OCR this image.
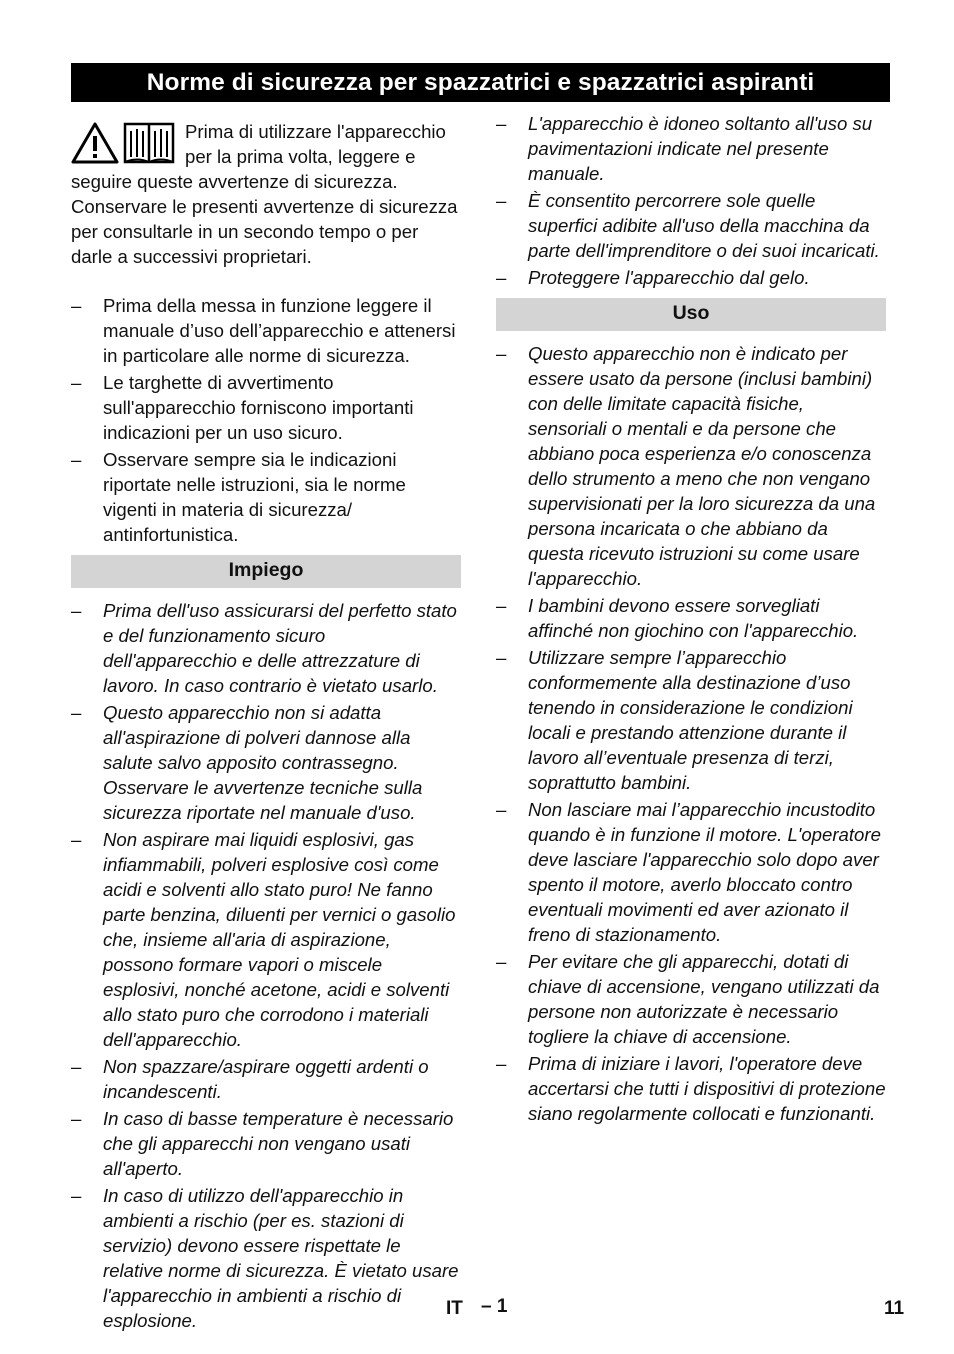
Norme di sicurezza per spazzatrici e spazzatrici aspiranti
Prima di utilizzare l'apparecchio per la prima volta, leggere e seguire queste avvertenze di sicurezza. Conservare le presenti avvertenze di sicurezza per consultarle in un secondo tempo o per darle a successivi proprietari.
– Prima della messa in funzione leggere il manuale d’uso dell’apparecchio e attenersi in particolare alle norme di sicurezza.
– Le targhette di avvertimento sull'apparecchio forniscono importanti indicazioni per un uso sicuro.
– Osservare sempre sia le indicazioni riportate nelle istruzioni, sia le norme vigenti in materia di sicurezza/ antinfortunistica.
Impiego
– Prima dell'uso assicurarsi del perfetto stato e del funzionamento sicuro dell'apparecchio e delle attrezzature di lavoro. In caso contrario è vietato usarlo.
– Questo apparecchio non si adatta all'aspirazione di polveri dannose alla salute salvo apposito contrassegno. Osservare le avvertenze tecniche sulla sicurezza riportate nel manuale d'uso.
– Non aspirare mai liquidi esplosivi, gas infiammabili, polveri esplosive così come acidi e solventi allo stato puro! Ne fanno parte benzina, diluenti per vernici o gasolio che, insieme all'aria di aspirazione, possono formare vapori o miscele esplosivi, nonché acetone, acidi e solventi allo stato puro che corrodono i materiali dell'apparecchio.
– Non spazzare/aspirare oggetti ardenti o incandescenti.
– In caso di basse temperature è necessario che gli apparecchi non vengano usati all'aperto.
– In caso di utilizzo dell'apparecchio in ambienti a rischio (per es. stazioni di servizio) devono essere rispettate le relative norme di sicurezza. È vietato usare l'apparecchio in ambienti a rischio di esplosione.
– L'apparecchio è idoneo soltanto all'uso su pavimentazioni indicate nel presente manuale.
– È consentito percorrere sole quelle superfici adibite all'uso della macchina da parte dell'imprenditore o dei suoi incaricati.
– Proteggere l'apparecchio dal gelo.
Uso
– Questo apparecchio non è indicato per essere usato da persone (inclusi bambini) con delle limitate capacità fisiche, sensoriali o mentali e da persone che abbiano poca esperienza e/o conoscenza dello strumento a meno che non vengano supervisionati per la loro sicurezza da una persona incaricata o che abbiano da questa ricevuto istruzioni su come usare l'apparecchio.
– I bambini devono essere sorvegliati affinché non giochino con l'apparecchio.
– Utilizzare sempre l’apparecchio conformemente alla destinazione d’uso tenendo in considerazione le condizioni locali e prestando attenzione durante il lavoro all’eventuale presenza di terzi, soprattutto bambini.
– Non lasciare mai l’apparecchio incustodito quando è in funzione il motore. L'operatore deve lasciare l'apparecchio solo dopo aver spento il motore, averlo bloccato contro eventuali movimenti ed aver azionato il freno di stazionamento.
– Per evitare che gli apparecchi, dotati di chiave di accensione, vengano utilizzati da persone non autorizzate è necessario togliere la chiave di accensione.
– Prima di iniziare i lavori, l'operatore deve accertarsi che tutti i dispositivi di protezione siano regolarmente collocati e funzionanti.
IT – 1	11
